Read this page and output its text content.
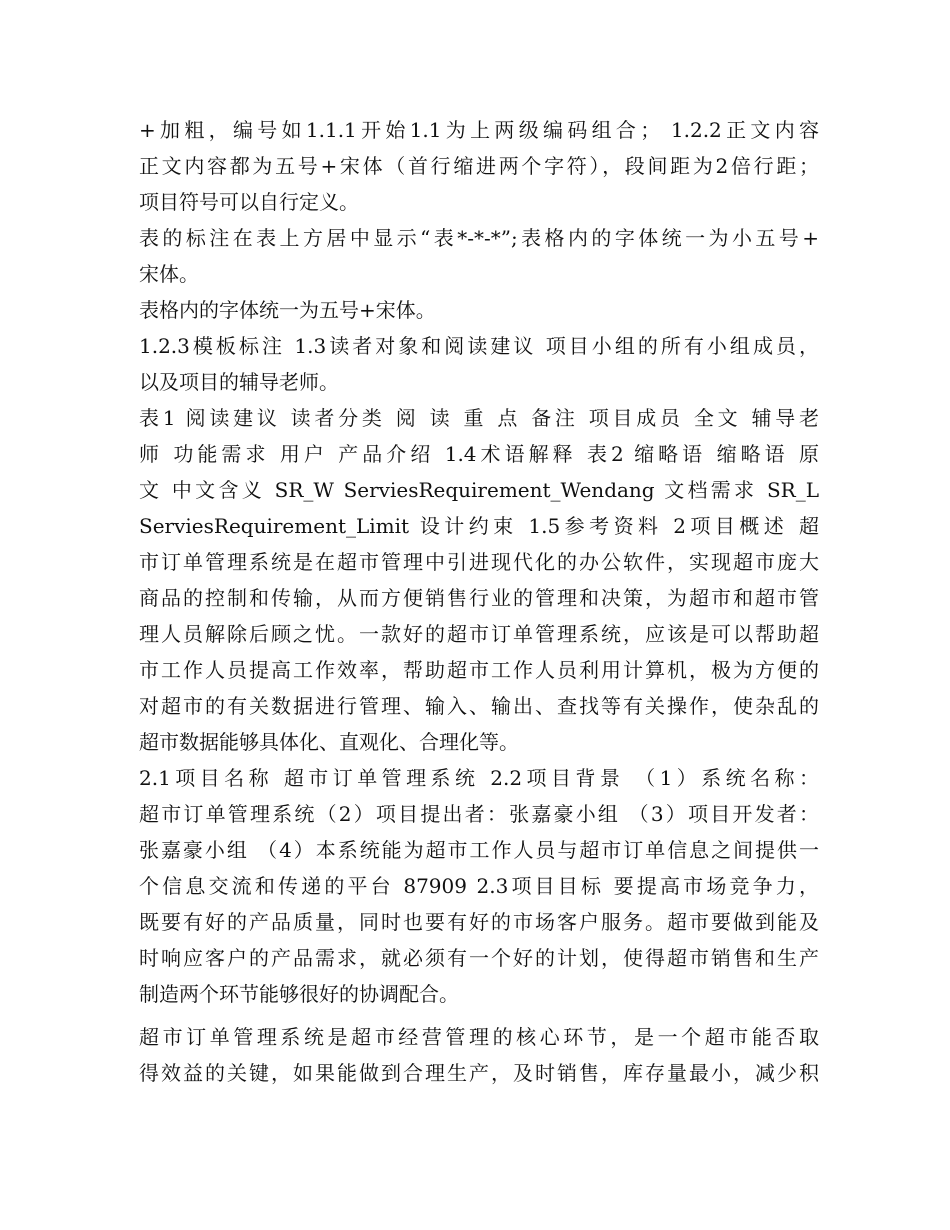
+加粗，编号如1.1.1开始1.1为上两级编码组合； 1.2.2正文内容
正文内容都为五号+宋体（首行缩进两个字符），段间距为2倍行距；
项目符号可以自行定义。
表的标注在表上方居中显示“表*-*-*”;表格内的字体统一为小五号+
宋体。
表格内的字体统一为五号+宋体。
1.2.3模板标注 1.3读者对象和阅读建议 项目小组的所有小组成员，
以及项目的辅导老师。
表1 阅读建议 读者分类 阅 读 重 点 备注 项目成员 全文 辅导老
师 功能需求 用户 产品介绍 1.4术语解释 表2 缩略语 缩略语 原
文 中文含义 SR_W ServiesRequirement_Wendang 文档需求 SR_L
ServiesRequirement_Limit 设计约束 1.5参考资料 2项目概述 超
市订单管理系统是在超市管理中引进现代化的办公软件，实现超市庞大
商品的控制和传输，从而方便销售行业的管理和决策，为超市和超市管
理人员解除后顾之忧。一款好的超市订单管理系统，应该是可以帮助超
市工作人员提高工作效率，帮助超市工作人员利用计算机，极为方便的
对超市的有关数据进行管理、输入、输出、查找等有关操作，使杂乱的
超市数据能够具体化、直观化、合理化等。
2.1项目名称 超市订单管理系统 2.2项目背景 （1）系统名称：
超市订单管理系统（2）项目提出者：张嘉豪小组 （3）项目开发者：
张嘉豪小组 （4）本系统能为超市工作人员与超市订单信息之间提供一
个信息交流和传递的平台 87909 2.3项目目标 要提高市场竞争力，
既要有好的产品质量，同时也要有好的市场客户服务。超市要做到能及
时响应客户的产品需求，就必须有一个好的计划，使得超市销售和生产
制造两个环节能够很好的协调配合。
超市订单管理系统是超市经营管理的核心环节，是一个超市能否取
得效益的关键，如果能做到合理生产，及时销售，库存量最小，减少积
